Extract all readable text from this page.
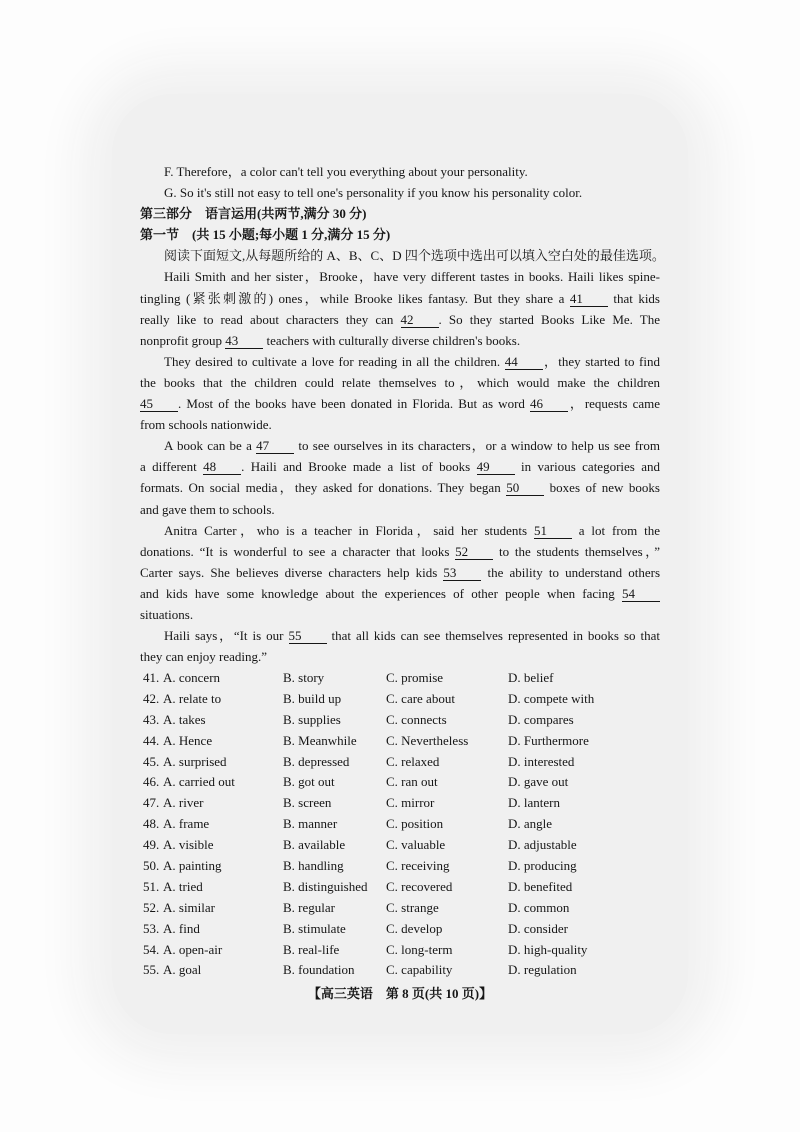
F. Therefore，a color can't tell you everything about your personality.
G. So it's still not easy to tell one's personality if you know his personality color.
第三部分　语言运用(共两节,满分 30 分)
第一节　(共 15 小题;每小题 1 分,满分 15 分)
阅读下面短文,从每题所给的 A、B、C、D 四个选项中选出可以填入空白处的最佳选项。
Haili Smith and her sister，Brooke，have very different tastes in books. Haili likes spine-
tingling (紧张刺激的) ones，while Brooke likes fantasy. But they share a 41 that kids
really like to read about characters they can 42 . So they started Books Like Me. The
nonprofit group 43 teachers with culturally diverse children's books.
They desired to cultivate a love for reading in all the children. 44 ，they started to find
the books that the children could relate themselves to，which would make the children
45 . Most of the books have been donated in Florida. But as word 46 ，requests came
from schools nationwide.
A book can be a 47 to see ourselves in its characters，or a window to help us see from
a different 48 . Haili and Brooke made a list of books 49 in various categories and
formats. On social media，they asked for donations. They began 50 boxes of new books
and gave them to schools.
Anitra Carter，who is a teacher in Florida，said her students 51 a lot from the
donations. “It is wonderful to see a character that looks 52 to the students themselves，”
Carter says. She believes diverse characters help kids 53 the ability to understand others
and kids have some knowledge about the experiences of other people when facing 54
situations.
Haili says，“It is our 55 that all kids can see themselves represented in books so that
they can enjoy reading.”
41. A. concern	B. story	C. promise	D. belief
42. A. relate to	B. build up	C. care about	D. compete with
43. A. takes	B. supplies	C. connects	D. compares
44. A. Hence	B. Meanwhile C. Nevertheless	D. Furthermore
45. A. surprised	B. depressed	C. relaxed	D. interested
46. A. carried out	B. got out	C. ran out	D. gave out
47. A. river	B. screen	C. mirror	D. lantern
48. A. frame	B. manner	C. position	D. angle
49. A. visible	B. available	C. valuable	D. adjustable
50. A. painting	B. handling	C. receiving	D. producing
51. A. tried	B. distinguished C. recovered	D. benefited
52. A. similar	B. regular	C. strange	D. common
53. A. find	B. stimulate	C. develop	D. consider
54. A. open-air	B. real-life	C. long-term	D. high-quality
55. A. goal	B. foundation C. capability	D. regulation
【高三英语　第 8 页(共 10 页)】
